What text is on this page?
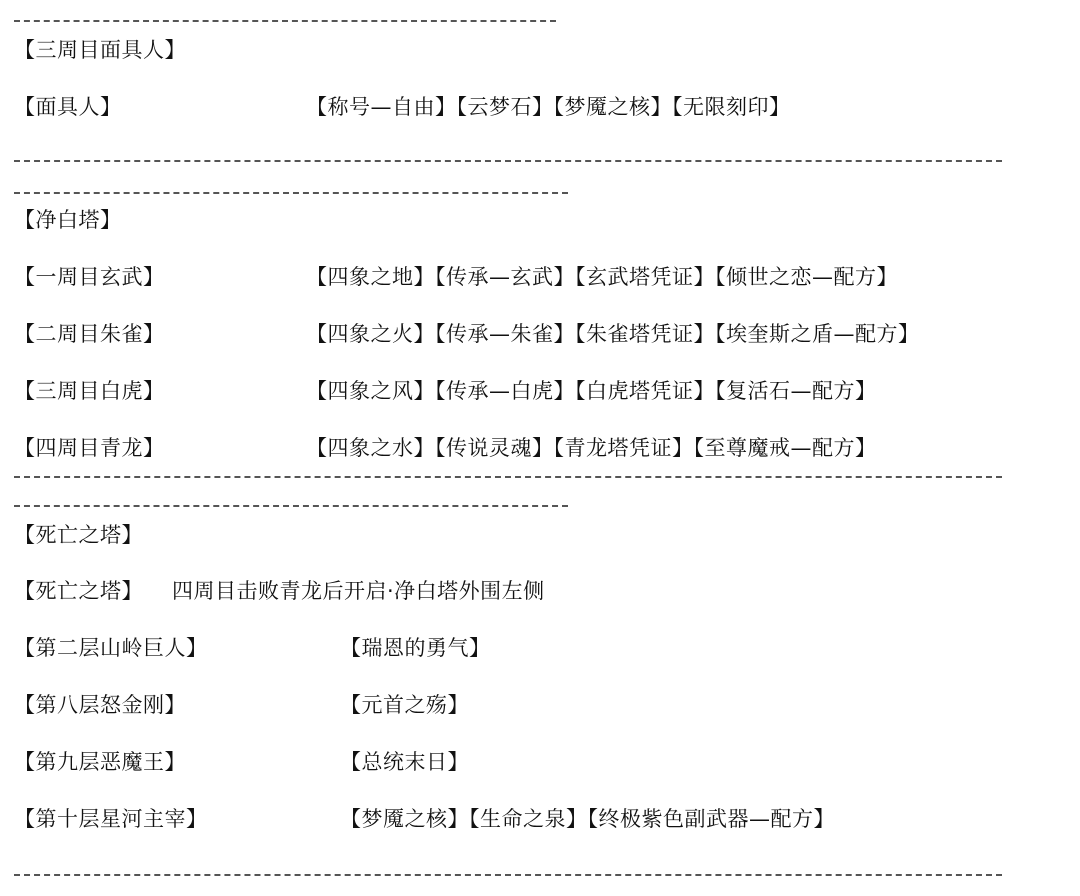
【三周目面具人】
【面具人】	【称号—自由】【云梦石】【梦魇之核】【无限刻印】
【净白塔】
【一周目玄武】	【四象之地】【传承—玄武】【玄武塔凭证】【倾世之恋—配方】
【二周目朱雀】	【四象之火】【传承—朱雀】【朱雀塔凭证】【埃奎斯之盾—配方】
【三周目白虎】	【四象之风】【传承—白虎】【白虎塔凭证】【复活石—配方】
【四周目青龙】	【四象之水】【传说灵魂】【青龙塔凭证】【至尊魔戒—配方】
【死亡之塔】
【死亡之塔】 四周目击败青龙后开启·净白塔外围左侧
【第二层山岭巨人】	【瑞恩的勇气】
【第八层怒金刚】	【元首之殇】
【第九层恶魔王】	【总统末日】
【第十层星河主宰】	【梦魇之核】【生命之泉】【终极紫色副武器—配方】
